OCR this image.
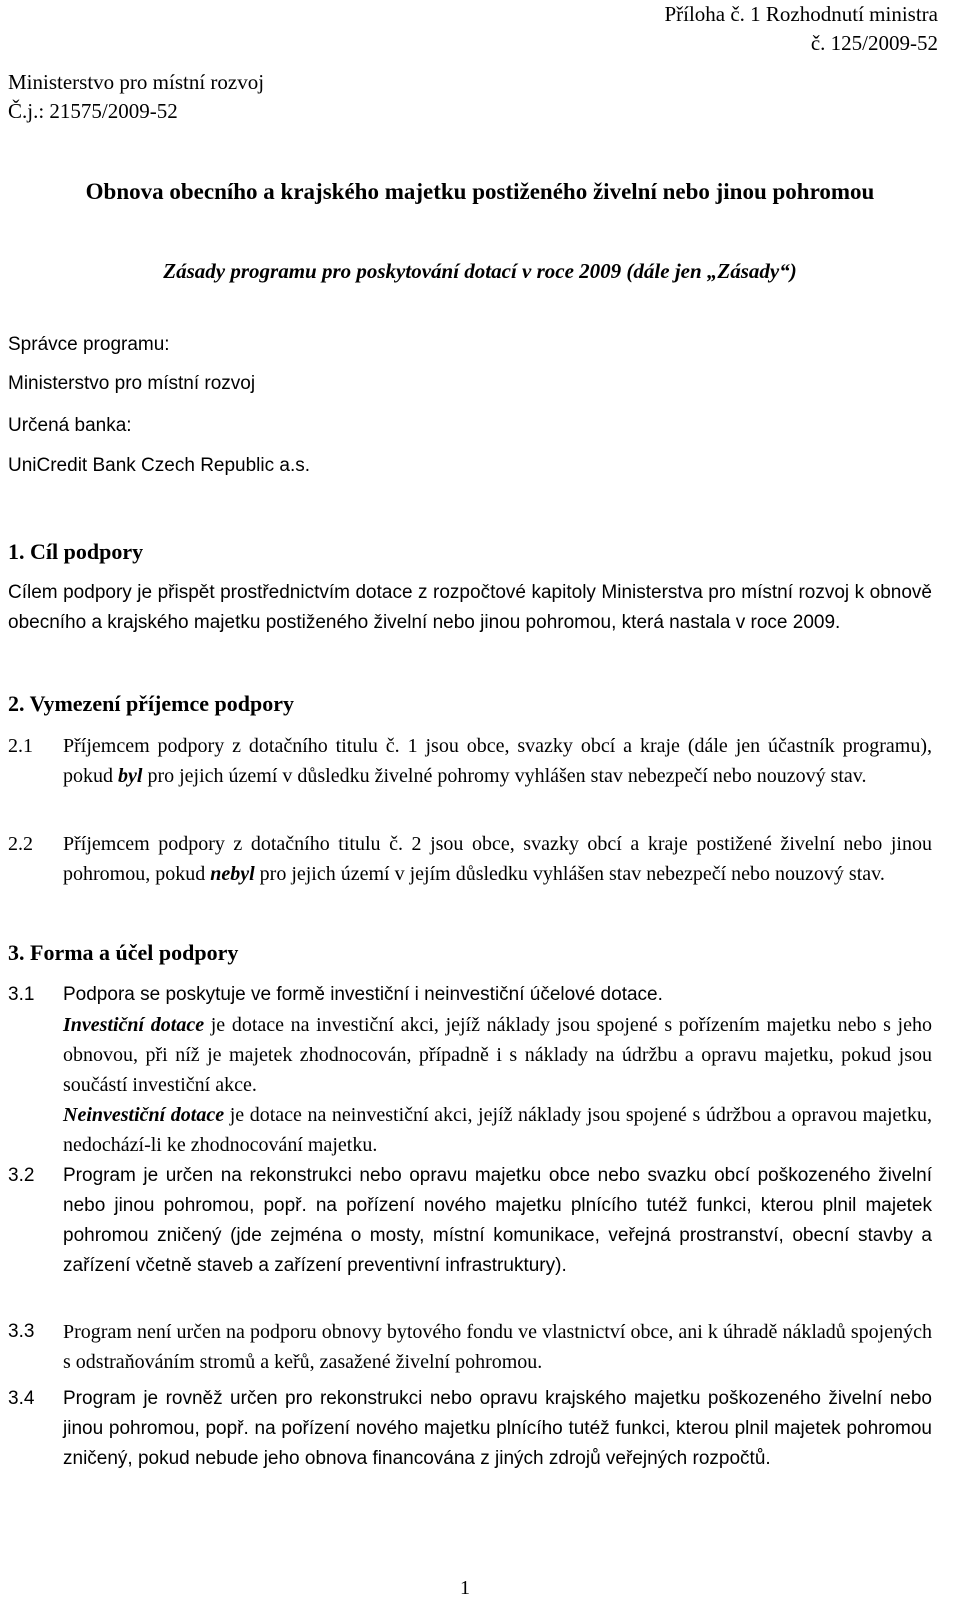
Příloha č. 1 Rozhodnutí ministra
č. 125/2009-52
Ministerstvo pro místní rozvoj
Č.j.: 21575/2009-52
Obnova obecního a krajského majetku postiženého živelní nebo jinou pohromou
Zásady programu pro poskytování dotací v roce 2009 (dále jen „Zásady“)
Správce programu:
Ministerstvo pro místní rozvoj
Určená banka:
UniCredit Bank Czech Republic a.s.
1. Cíl podpory

Cílem podpory je přispět prostřednictvím dotace z rozpočtové kapitoly Ministerstva pro místní rozvoj k obnově obecního a krajského majetku postiženého živelní nebo jinou pohromou, která nastala v roce 2009.

2. Vymezení příjemce podpory
2.1 Příjemcem podpory z dotačního titulu č. 1 jsou obce, svazky obcí a kraje (dále jen účastník programu), pokud byl pro jejich území v důsledku živelné pohromy vyhlášen stav nebezpečí nebo nouzový stav.
2.2 Příjemcem podpory z dotačního titulu č. 2 jsou obce, svazky obcí a kraje postižené živelní nebo jinou pohromou, pokud nebyl pro jejich území v jejím důsledku vyhlášen stav nebezpečí nebo nouzový stav.
3. Forma a účel podpory
3.1 Podpora se poskytuje ve formě investiční i neinvestiční účelové dotace.

Investiční dotace je dotace na investiční akci, jejíž náklady jsou spojené s pořízením majetku nebo s jeho obnovou, při níž je majetek zhodnocován, případně i s náklady na údržbu a opravu majetku, pokud jsou součástí investiční akce.

Neinvestiční dotace je dotace na neinvestiční akci, jejíž náklady jsou spojené s údržbou a opravou majetku, nedochází-li ke zhodnocování majetku.

3.2 Program je určen na rekonstrukci nebo opravu majetku obce nebo svazku obcí poškozeného živelní nebo jinou pohromou, popř. na pořízení nového majetku plnícího tutéž funkci, kterou plnil majetek pohromou zničený (jde zejména o mosty, místní komunikace, veřejná prostranství, obecní stavby a zařízení včetně staveb a zařízení preventivní infrastruktury).
3.3 Program není určen na podporu obnovy bytového fondu ve vlastnictví obce, ani k úhradě nákladů spojených s odstraňováním stromů a keřů, zasažené živelní pohromou.
3.4 Program je rovněž určen pro rekonstrukci nebo opravu krajského majetku poškozeného živelní nebo jinou pohromou, popř. na pořízení nového majetku plnícího tutéž funkci, kterou plnil majetek pohromou zničený, pokud nebude jeho obnova financována z jiných zdrojů veřejných rozpočtů.
1
